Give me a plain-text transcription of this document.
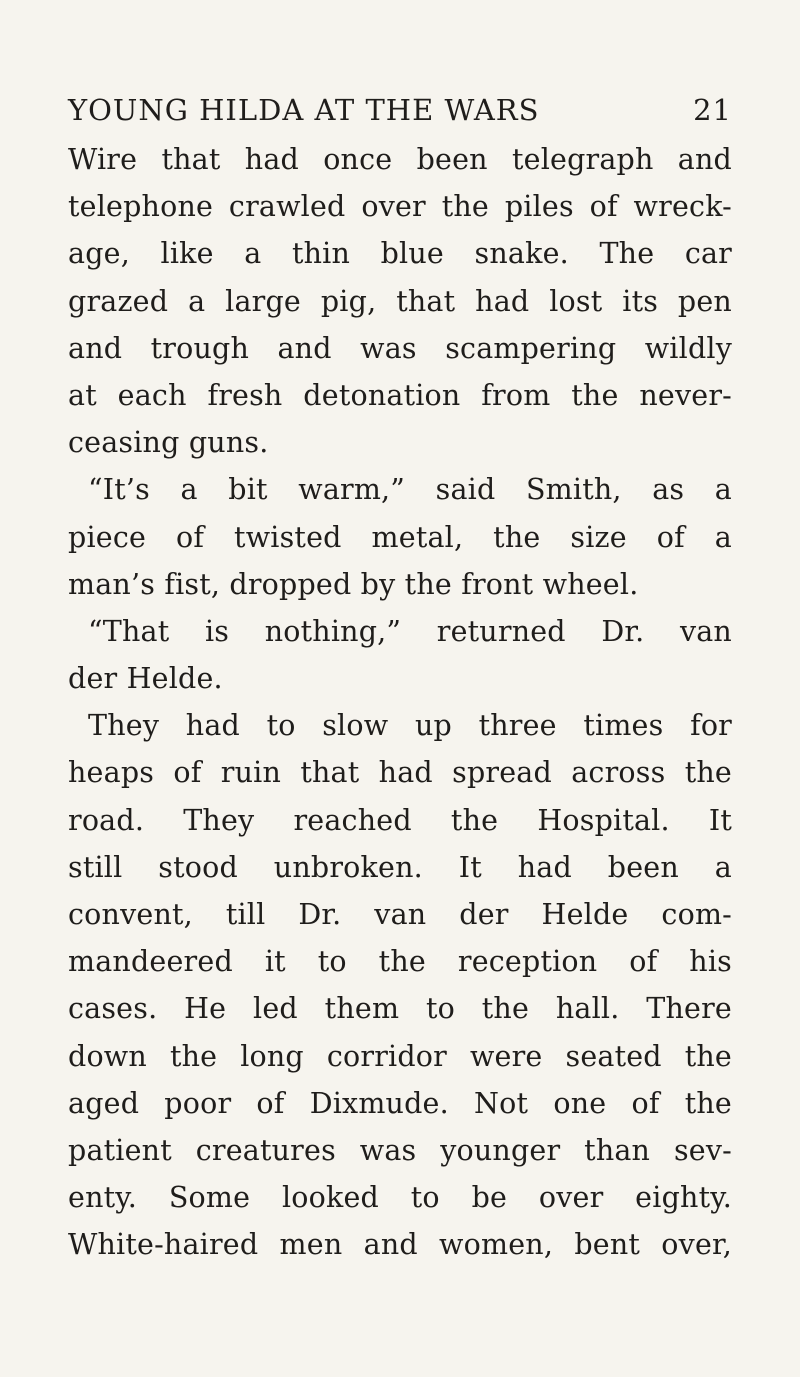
YOUNG HILDA AT THE WARS	21
Wire that had once been telegraph and
telephone crawled over the piles of wreck-
age, like a thin blue snake. The car
grazed a large pig, that had lost its pen
and trough and was scampering wildly
at each fresh detonation from the never-
ceasing guns.
“It’s a bit warm,” said Smith, as a
piece of twisted metal, the size of a
man’s fist, dropped by the front wheel.
“That is nothing,” returned Dr. van
der Helde.
They had to slow up three times for
heaps of ruin that had spread across the
road. They reached the Hospital. It
still stood unbroken. It had been a
convent, till Dr. van der Helde com-
mandeered it to the reception of his
cases. He led them to the hall. There
down the long corridor were seated the
aged poor of Dixmude. Not one of the
patient creatures was younger than sev-
enty. Some looked to be over eighty.
White-haired men and women, bent over,
